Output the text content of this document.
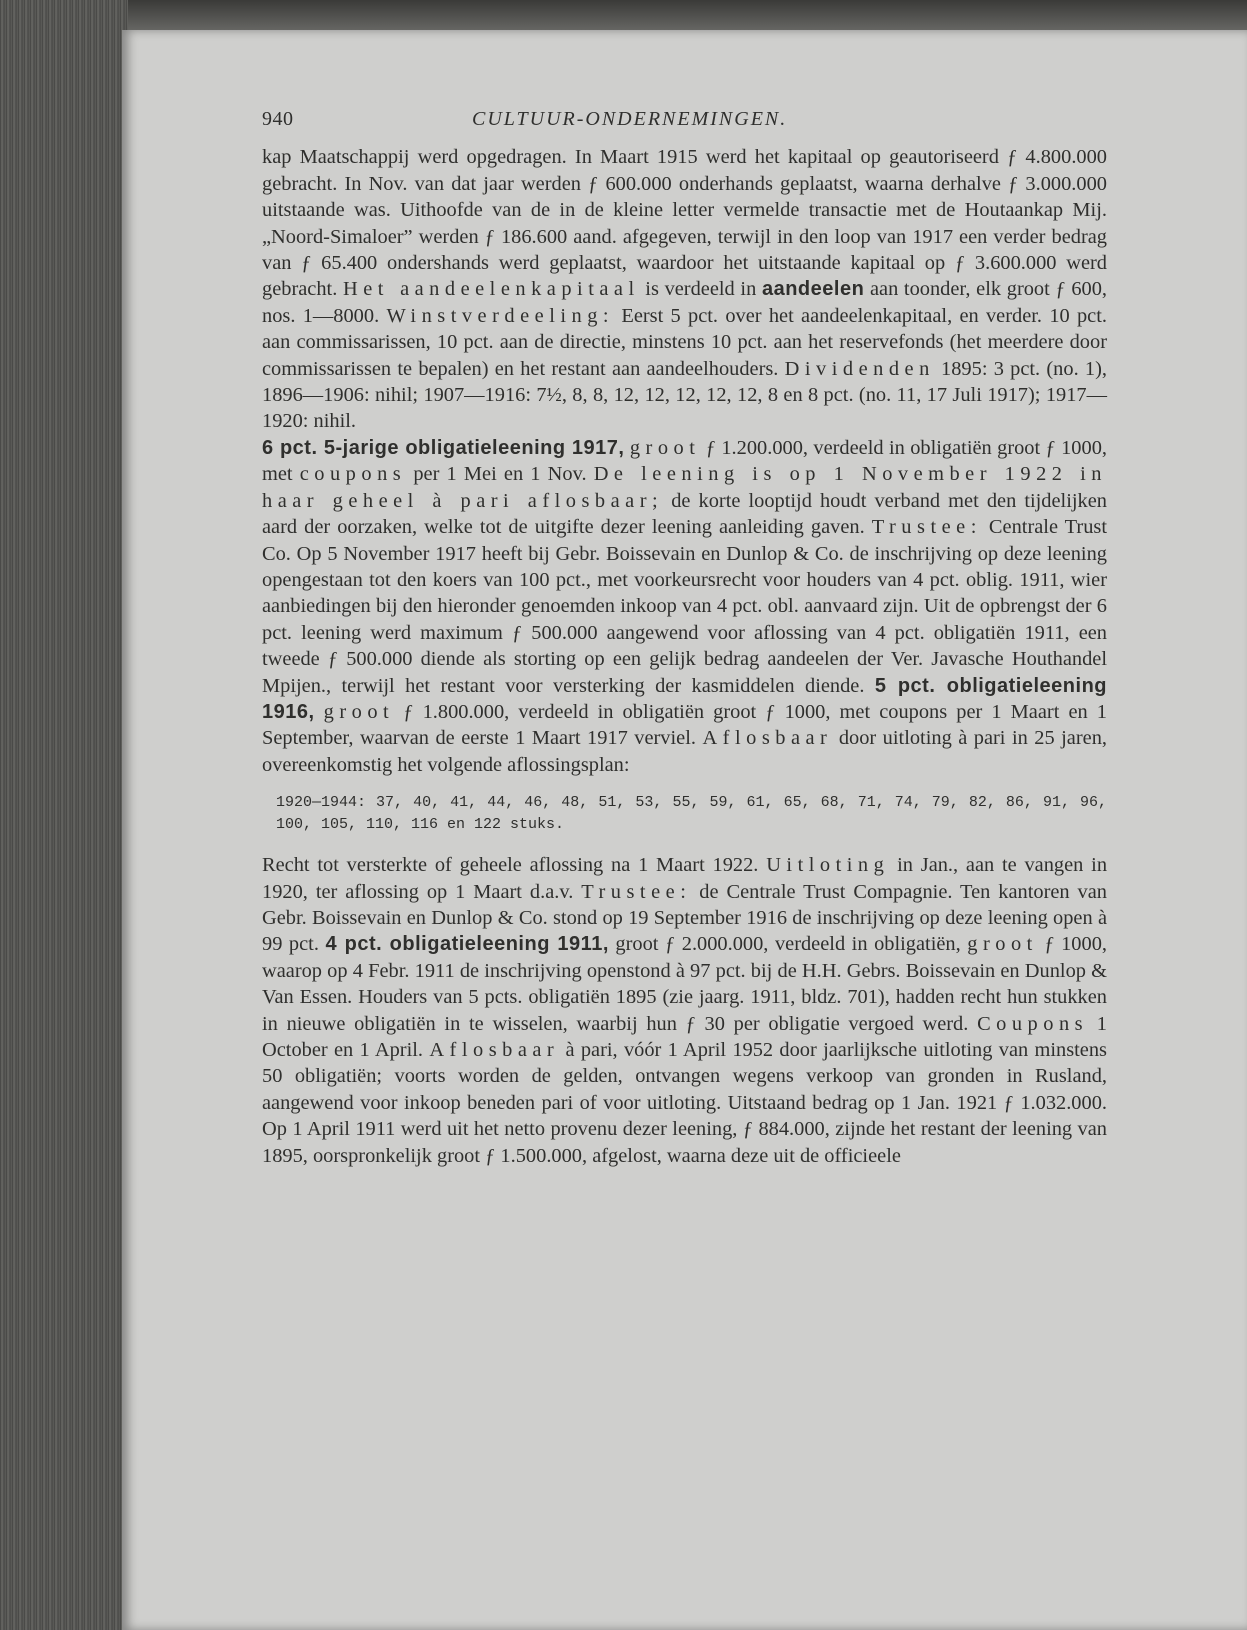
940	CULTUUR-ONDERNEMINGEN.

kap Maatschappij werd opgedragen. In Maart 1915 werd het kapitaal op geautoriseerd ƒ 4.800.000 gebracht. In Nov. van dat jaar werden ƒ 600.000 onderhands geplaatst, waarna derhalve ƒ 3.000.000 uitstaande was. Uithoofde van de in de kleine letter vermelde transactie met de Houtaankap Mij. „Noord-Simaloer” werden ƒ 186.600 aand. afgegeven, terwijl in den loop van 1917 een verder bedrag van ƒ 65.400 ondershands werd geplaatst, waardoor het uitstaande kapitaal op ƒ 3.600.000 werd gebracht. Het aandeelenkapitaal is verdeeld in aandeelen aan toonder, elk groot ƒ 600, nos. 1—8000. Winstverdeeling: Eerst 5 pct. over het aandeelenkapitaal, en verder. 10 pct. aan commissarissen, 10 pct. aan de directie, minstens 10 pct. aan het reservefonds (het meerdere door commissarissen te bepalen) en het restant aan aandeelhouders. Dividenden 1895: 3 pct. (no. 1), 1896—1906: nihil; 1907—1916: 7½, 8, 8, 12, 12, 12, 12, 12, 8 en 8 pct. (no. 11, 17 Juli 1917); 1917—1920: nihil.

6 pct. 5-jarige obligatieleening 1917, groot ƒ 1.200.000, verdeeld in obligatiën groot ƒ 1000, met coupons per 1 Mei en 1 Nov. De leening is op 1 November 1922 in haar geheel à pari aflosbaar; de korte looptijd houdt verband met den tijdelijken aard der oorzaken, welke tot de uitgifte dezer leening aanleiding gaven. Trustee: Centrale Trust Co. Op 5 November 1917 heeft bij Gebr. Boissevain en Dunlop & Co. de inschrijving op deze leening opengestaan tot den koers van 100 pct., met voorkeursrecht voor houders van 4 pct. oblig. 1911, wier aanbiedingen bij den hieronder genoemden inkoop van 4 pct. obl. aanvaard zijn. Uit de opbrengst der 6 pct. leening werd maximum ƒ 500.000 aangewend voor aflossing van 4 pct. obligatiën 1911, een tweede ƒ 500.000 diende als storting op een gelijk bedrag aandeelen der Ver. Javasche Houthandel Mpijen., terwijl het restant voor versterking der kasmiddelen diende. 5 pct. obligatieleening 1916, groot ƒ 1.800.000, verdeeld in obligatiën groot ƒ 1000, met coupons per 1 Maart en 1 September, waarvan de eerste 1 Maart 1917 verviel. Aflosbaar door uitloting à pari in 25 jaren, overeenkomstig het volgende aflossingsplan:

1920—1944: 37, 40, 41, 44, 46, 48, 51, 53, 55, 59, 61, 65, 68, 71, 74, 79, 82, 86, 91, 96, 100, 105, 110, 116 en 122 stuks.

Recht tot versterkte of geheele aflossing na 1 Maart 1922. Uitloting in Jan., aan te vangen in 1920, ter aflossing op 1 Maart d.a.v. Trustee: de Centrale Trust Compagnie. Ten kantoren van Gebr. Boissevain en Dunlop & Co. stond op 19 September 1916 de inschrijving op deze leening open à 99 pct. 4 pct. obligatieleening 1911, groot ƒ 2.000.000, verdeeld in obligatiën, groot ƒ 1000, waarop op 4 Febr. 1911 de inschrijving openstond à 97 pct. bij de H.H. Gebrs. Boissevain en Dunlop & Van Essen. Houders van 5 pcts. obligatiën 1895 (zie jaarg. 1911, bldz. 701), hadden recht hun stukken in nieuwe obligatiën in te wisselen, waarbij hun ƒ 30 per obligatie vergoed werd. Coupons 1 October en 1 April. Aflosbaar à pari, vóór 1 April 1952 door jaarlijksche uitloting van minstens 50 obligatiën; voorts worden de gelden, ontvangen wegens verkoop van gronden in Rusland, aangewend voor inkoop beneden pari of voor uitloting. Uitstaand bedrag op 1 Jan. 1921 ƒ 1.032.000. Op 1 April 1911 werd uit het netto provenu dezer leening, ƒ 884.000, zijnde het restant der leening van 1895, oorspronkelijk groot ƒ 1.500.000, afgelost, waarna deze uit de officieele
